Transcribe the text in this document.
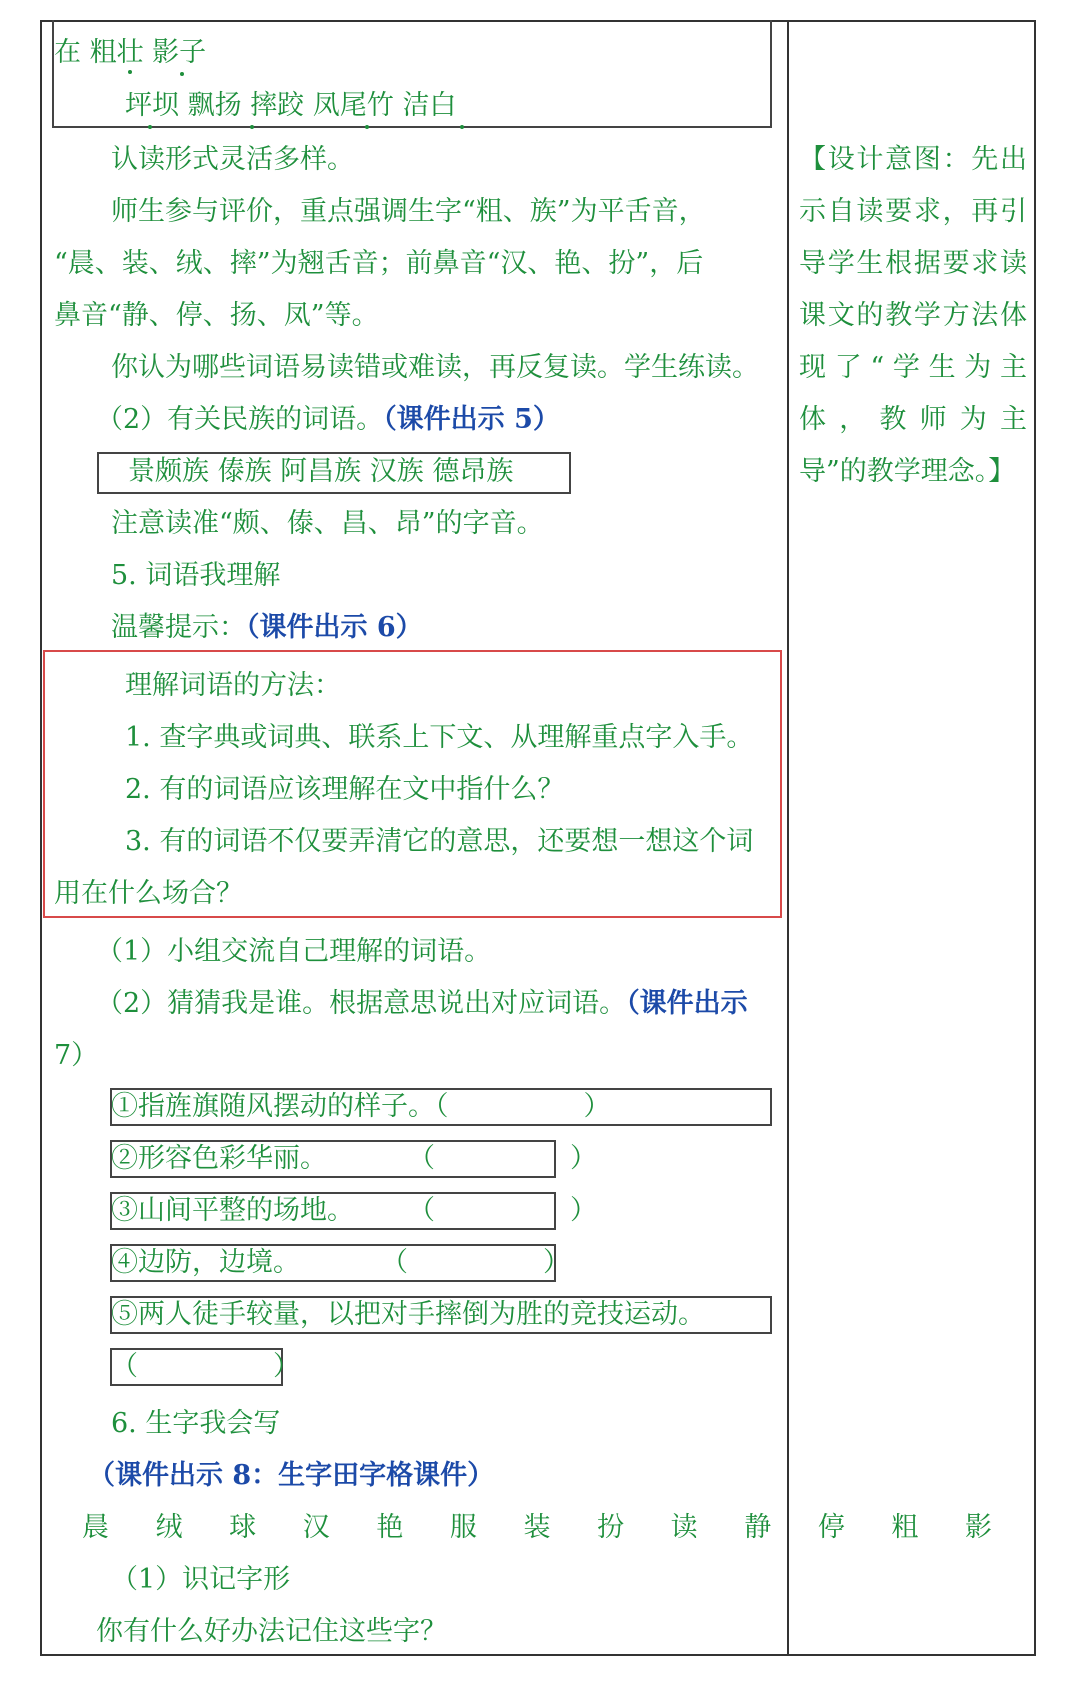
在 粗壮 影子
坪坝 飘扬 摔跤 凤尾竹 洁白
认读形式灵活多样。
师生参与评价，重点强调生字“粗、族”为平舌音，
“晨、装、绒、摔”为翘舌音；前鼻音“汉、艳、扮”，后
鼻音“静、停、扬、凤”等。
你认为哪些词语易读错或难读，再反复读。学生练读。
（2）有关民族的词语。（课件出示 5）
景颇族 傣族 阿昌族 汉族 德昂族
注意读准“颇、傣、昌、昂”的字音。
5. 词语我理解
温馨提示：（课件出示 6）
理解词语的方法：
1. 查字典或词典、联系上下文、从理解重点字入手。
2. 有的词语应该理解在文中指什么？
3. 有的词语不仅要弄清它的意思，还要想一想这个词
用在什么场合？
（1）小组交流自己理解的词语。
（2）猜猜我是谁。根据意思说出对应词语。（课件出示
7）
①指旌旗随风摆动的样子。（　　　　　）
②形容色彩华丽。　　　　（　　　　　）
③山间平整的场地。　　　（　　　　　）
④边防，边境。　　　　（　　　　　）
⑤两人徒手较量，以把对手摔倒为胜的竞技运动。
（　　　　　）
6. 生字我会写
（课件出示 8：生字田字格课件）
晨 绒 球 汉 艳 服 装 扮 读 静 停 粗 影
（1）识记字形
你有什么好办法记住这些字？
【设计意图：先出示自读要求，再引导学生根据要求读课文的教学方法体现了“学生为主体，教师为主导”的教学理念。】
